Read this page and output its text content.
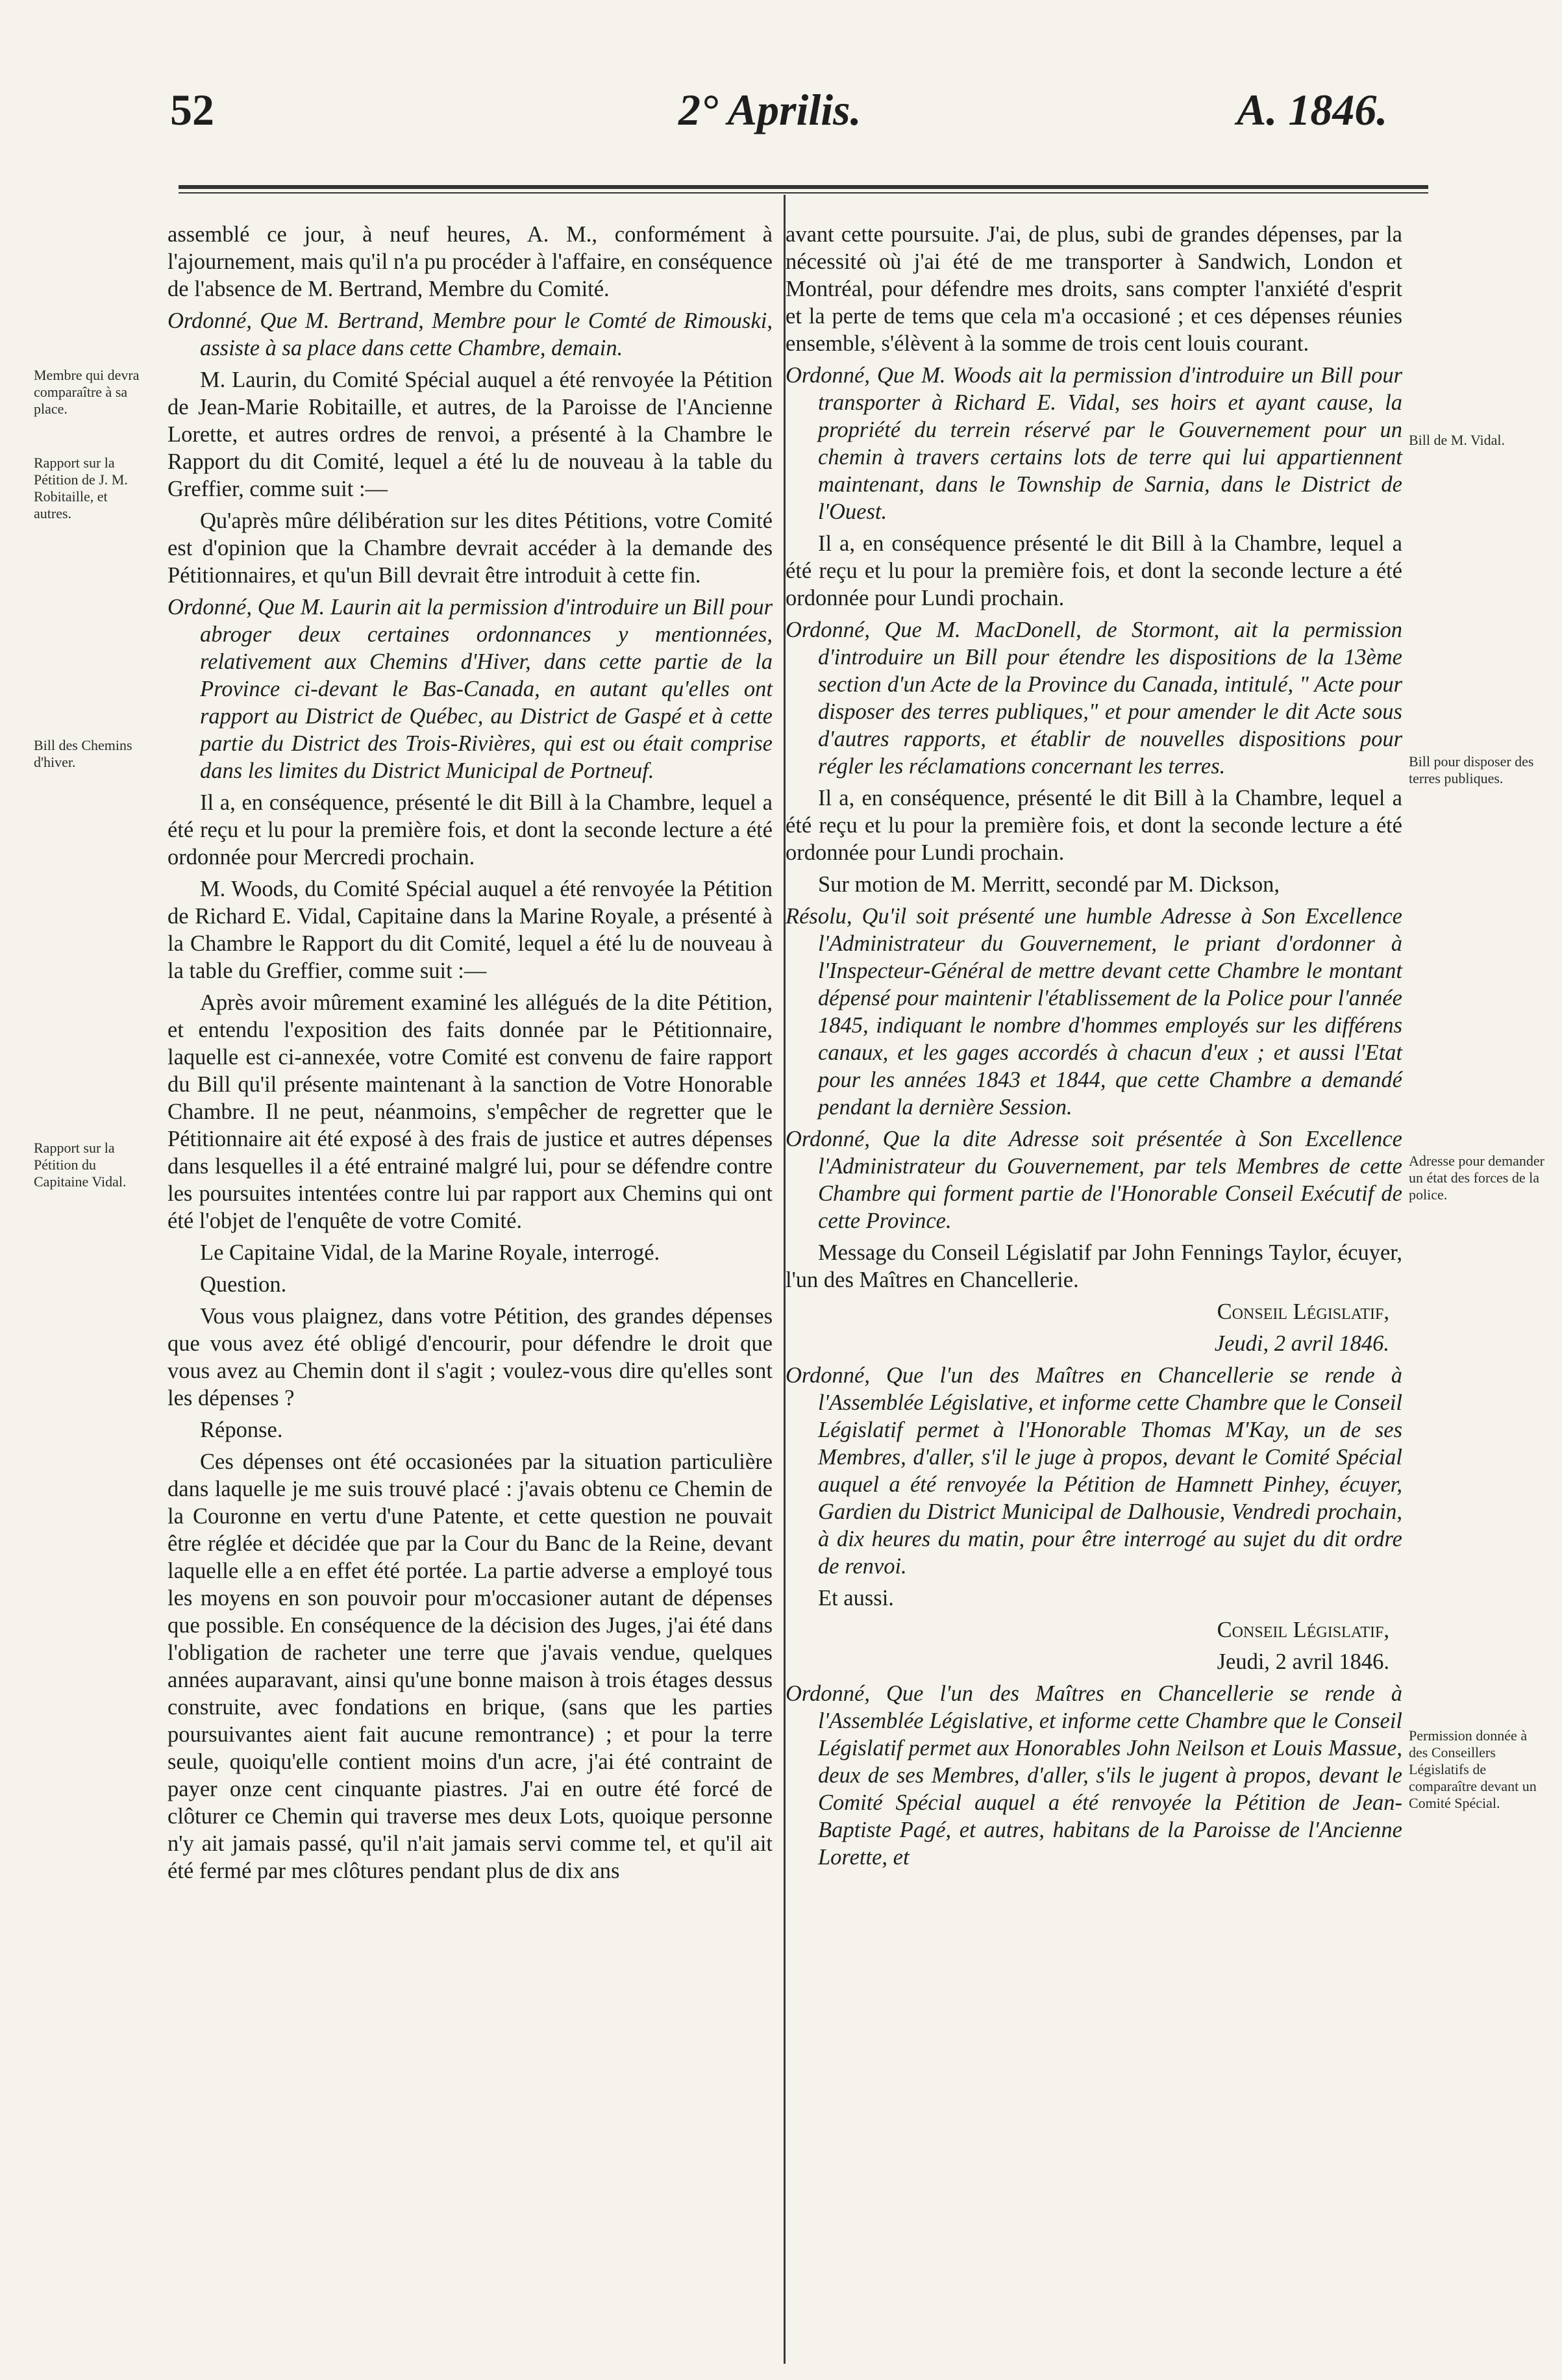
52	2° Aprilis.	A. 1846.

assemblé ce jour, à neuf heures, A. M., conformément à l'ajournement, mais qu'il n'a pu procéder à l'affaire, en conséquence de l'absence de M. Bertrand, Membre du Comité.

Ordonné, Que M. Bertrand, Membre pour le Comté de Rimouski, assiste à sa place dans cette Chambre, demain.

M. Laurin, du Comité Spécial auquel a été renvoyée la Pétition de Jean-Marie Robitaille, et autres, de la Paroisse de l'Ancienne Lorette, et autres ordres de renvoi, a présenté à la Chambre le Rapport du dit Comité, lequel a été lu de nouveau à la table du Greffier, comme suit :—

Qu'après mûre délibération sur les dites Pétitions, votre Comité est d'opinion que la Chambre devrait accéder à la demande des Pétitionnaires, et qu'un Bill devrait être introduit à cette fin.

Ordonné, Que M. Laurin ait la permission d'introduire un Bill pour abroger deux certaines ordonnances y mentionnées, relativement aux Chemins d'Hiver, dans cette partie de la Province ci-devant le Bas-Canada, en autant qu'elles ont rapport au District de Québec, au District de Gaspé et à cette partie du District des Trois-Rivières, qui est ou était comprise dans les limites du District Municipal de Portneuf.

Il a, en conséquence, présenté le dit Bill à la Chambre, lequel a été reçu et lu pour la première fois, et dont la seconde lecture a été ordonnée pour Mercredi prochain.

M. Woods, du Comité Spécial auquel a été renvoyée la Pétition de Richard E. Vidal, Capitaine dans la Marine Royale, a présenté à la Chambre le Rapport du dit Comité, lequel a été lu de nouveau à la table du Greffier, comme suit :—

Après avoir mûrement examiné les allégués de la dite Pétition, et entendu l'exposition des faits donnée par le Pétitionnaire, laquelle est ci-annexée, votre Comité est convenu de faire rapport du Bill qu'il présente maintenant à la sanction de Votre Honorable Chambre. Il ne peut, néanmoins, s'empêcher de regretter que le Pétitionnaire ait été exposé à des frais de justice et autres dépenses dans lesquelles il a été entrainé malgré lui, pour se défendre contre les poursuites intentées contre lui par rapport aux Chemins qui ont été l'objet de l'enquête de votre Comité.

Le Capitaine Vidal, de la Marine Royale, interrogé.

Question.

Vous vous plaignez, dans votre Pétition, des grandes dépenses que vous avez été obligé d'encourir, pour défendre le droit que vous avez au Chemin dont il s'agit ; voulez-vous dire qu'elles sont les dépenses ?

Réponse.

Ces dépenses ont été occasionées par la situation particulière dans laquelle je me suis trouvé placé : j'avais obtenu ce Chemin de la Couronne en vertu d'une Patente, et cette question ne pouvait être réglée et décidée que par la Cour du Banc de la Reine, devant laquelle elle a en effet été portée. La partie adverse a employé tous les moyens en son pouvoir pour m'occasioner autant de dépenses que possible. En conséquence de la décision des Juges, j'ai été dans l'obligation de racheter une terre que j'avais vendue, quelques années auparavant, ainsi qu'une bonne maison à trois étages dessus construite, avec fondations en brique, (sans que les parties poursuivantes aient fait aucune remontrance) ; et pour la terre seule, quoiqu'elle contient moins d'un acre, j'ai été contraint de payer onze cent cinquante piastres. J'ai en outre été forcé de clôturer ce Chemin qui traverse mes deux Lots, quoique personne n'y ait jamais passé, qu'il n'ait jamais servi comme tel, et qu'il ait été fermé par mes clôtures pendant plus de dix ans

avant cette poursuite. J'ai, de plus, subi de grandes dépenses, par la nécessité où j'ai été de me transporter à Sandwich, London et Montréal, pour défendre mes droits, sans compter l'anxiété d'esprit et la perte de tems que cela m'a occasioné ; et ces dépenses réunies ensemble, s'élèvent à la somme de trois cent louis courant.

Ordonné, Que M. Woods ait la permission d'introduire un Bill pour transporter à Richard E. Vidal, ses hoirs et ayant cause, la propriété du terrein réservé par le Gouvernement pour un chemin à travers certains lots de terre qui lui appartiennent maintenant, dans le Township de Sarnia, dans le District de l'Ouest.

Il a, en conséquence présenté le dit Bill à la Chambre, lequel a été reçu et lu pour la première fois, et dont la seconde lecture a été ordonnée pour Lundi prochain.

Ordonné, Que M. MacDonell, de Stormont, ait la permission d'introduire un Bill pour étendre les dispositions de la 13ème section d'un Acte de la Province du Canada, intitulé, " Acte pour disposer des terres publiques," et pour amender le dit Acte sous d'autres rapports, et établir de nouvelles dispositions pour régler les réclamations concernant les terres.

Il a, en conséquence, présenté le dit Bill à la Chambre, lequel a été reçu et lu pour la première fois, et dont la seconde lecture a été ordonnée pour Lundi prochain.

Sur motion de M. Merritt, secondé par M. Dickson,

Résolu, Qu'il soit présenté une humble Adresse à Son Excellence l'Administrateur du Gouvernement, le priant d'ordonner à l'Inspecteur-Général de mettre devant cette Chambre le montant dépensé pour maintenir l'établissement de la Police pour l'année 1845, indiquant le nombre d'hommes employés sur les différens canaux, et les gages accordés à chacun d'eux ; et aussi l'Etat pour les années 1843 et 1844, que cette Chambre a demandé pendant la dernière Session.

Ordonné, Que la dite Adresse soit présentée à Son Excellence l'Administrateur du Gouvernement, par tels Membres de cette Chambre qui forment partie de l'Honorable Conseil Exécutif de cette Province.

Message du Conseil Législatif par John Fennings Taylor, écuyer, l'un des Maîtres en Chancellerie.

Conseil Législatif,

Jeudi, 2 avril 1846.

Ordonné, Que l'un des Maîtres en Chancellerie se rende à l'Assemblée Législative, et informe cette Chambre que le Conseil Législatif permet à l'Honorable Thomas M'Kay, un de ses Membres, d'aller, s'il le juge à propos, devant le Comité Spécial auquel a été renvoyée la Pétition de Hamnett Pinhey, écuyer, Gardien du District Municipal de Dalhousie, Vendredi prochain, à dix heures du matin, pour être interrogé au sujet du dit ordre de renvoi.

Et aussi.

Conseil Législatif,

Jeudi, 2 avril 1846.

Ordonné, Que l'un des Maîtres en Chancellerie se rende à l'Assemblée Législative, et informe cette Chambre que le Conseil Législatif permet aux Honorables John Neilson et Louis Massue, deux de ses Membres, d'aller, s'ils le jugent à propos, devant le Comité Spécial auquel a été renvoyée la Pétition de Jean-Baptiste Pagé, et autres, habitans de la Paroisse de l'Ancienne Lorette, et

Membre qui devra comparaître à sa place.
Rapport sur la Pétition de J. M. Robitaille, et autres.
Bill des Chemins d'hiver.
Rapport sur la Pétition du Capitaine Vidal.
Bill de M. Vidal.
Bill pour disposer des terres publiques.
Adresse pour demander un état des forces de la police.
Permission donnée à des Conseillers Législatifs de comparaître devant un Comité Spécial.
